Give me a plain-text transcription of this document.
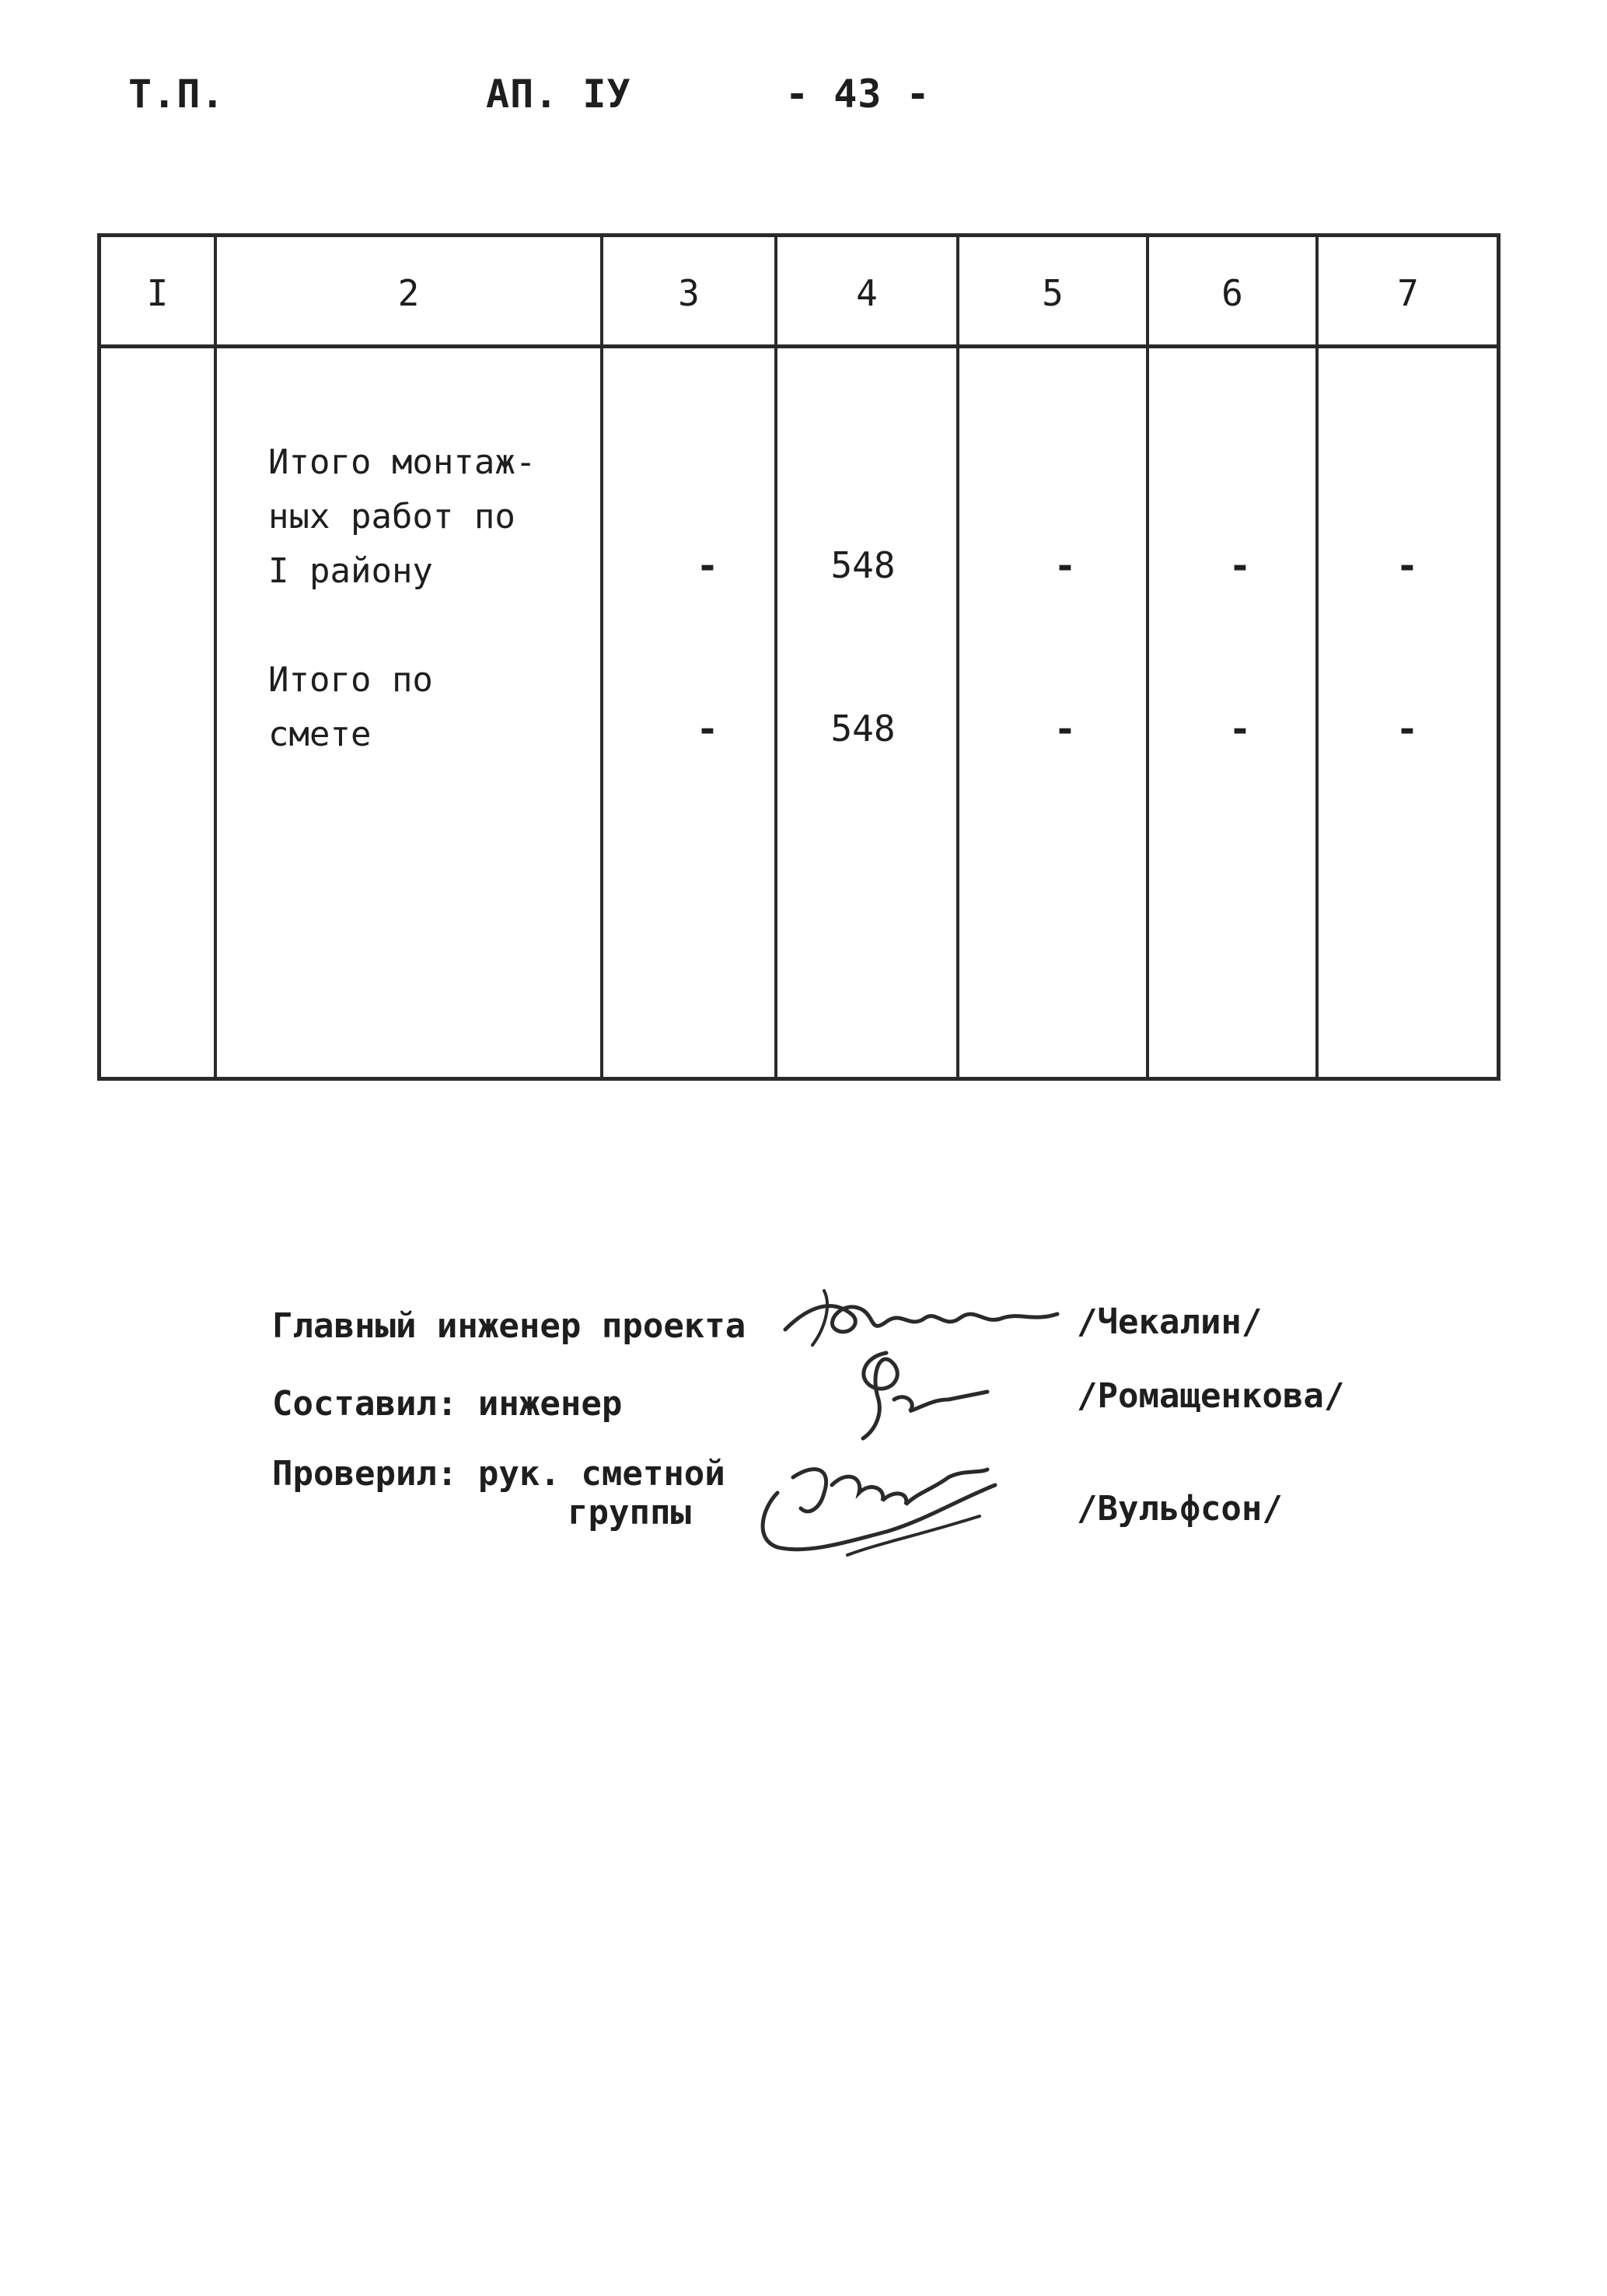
Т.П.	АП. IУ	- 43 -
I	2	3	4	5	6	7
Итого монтаж-
ных работ по
I району	-	548	-	-	-
Итого по
смете	-	548	-	-	-
Главный инженер проекта	/Чекалин/
Составил: инженер	/Ромащенкова/
Проверил: рук. сметной
группы	/Вульфсон/
